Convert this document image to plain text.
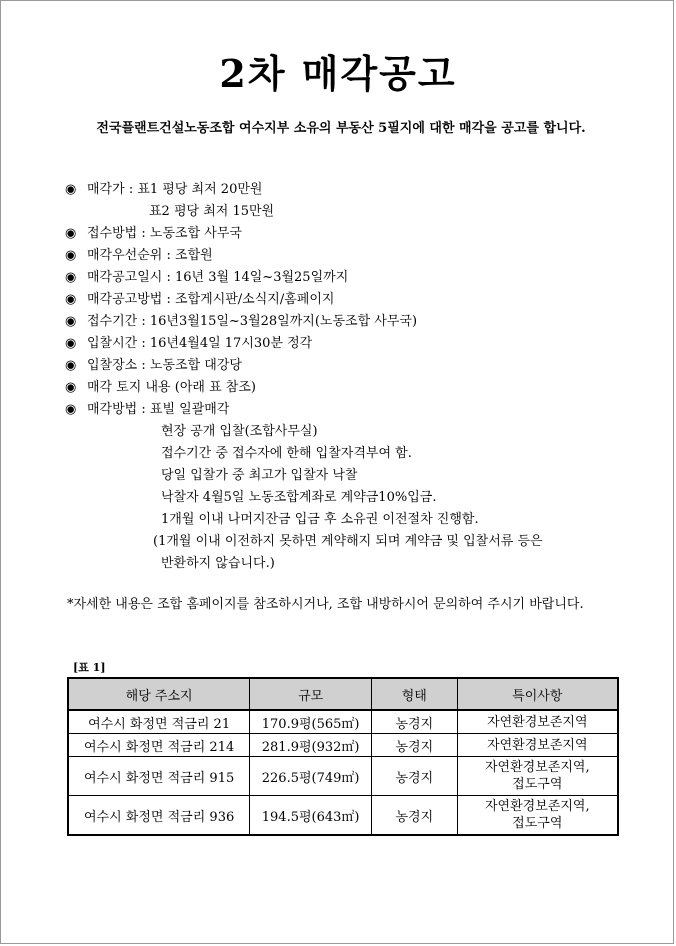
2차 매각공고
전국플랜트건설노동조합 여수지부 소유의 부동산 5필지에 대한 매각을 공고를 합니다.
◉ 매각가 : 표1 평당 최저 20만원
표2 평당 최저 15만원
◉ 접수방법 : 노동조합 사무국
◉ 매각우선순위 : 조합원
◉ 매각공고일시 : 16년 3월 14일~3월25일까지
◉ 매각공고방법 : 조합게시판/소식지/홈페이지
◉ 접수기간 : 16년3월15일~3월28일까지(노동조합 사무국)
◉ 입찰시간 : 16년4월4일 17시30분 정각
◉ 입찰장소 : 노동조합 대강당
◉ 매각 토지 내용 (아래 표 참조)
◉ 매각방법 : 표빌 일괄매각
현장 공개 입찰(조합사무실)
접수기간 중 접수자에 한해 입찰자격부여 함.
당일 입찰가 중 최고가 입찰자 낙찰
낙찰자 4월5일 노동조합계좌로 계약금10%입금.
1개월 이내 나머지잔금 입금 후 소유권 이전절차 진행함.
(1개월 이내 이전하지 못하면 계약해지 되며 계약금 및 입찰서류 등은
반환하지 않습니다.)
*자세한 내용은 조합 홈페이지를 참조하시거나, 조합 내방하시어 문의하여 주시기 바랍니다.
[표 1]
해당 주소지	규모	형태	특이사항
여수시 화정면 적금리 21	170.9평(565㎡)	농경지	자연환경보존지역

여수시 화정면 적금리 214	281.9평(932㎡)	농경지	자연환경보존지역

여수시 화정면 적금리 915	226.5평(749㎡)	농경지	자연환경보존지역,
접도구역

여수시 화정면 적금리 936	194.5평(643㎡)	농경지	자연환경보존지역,
접도구역
